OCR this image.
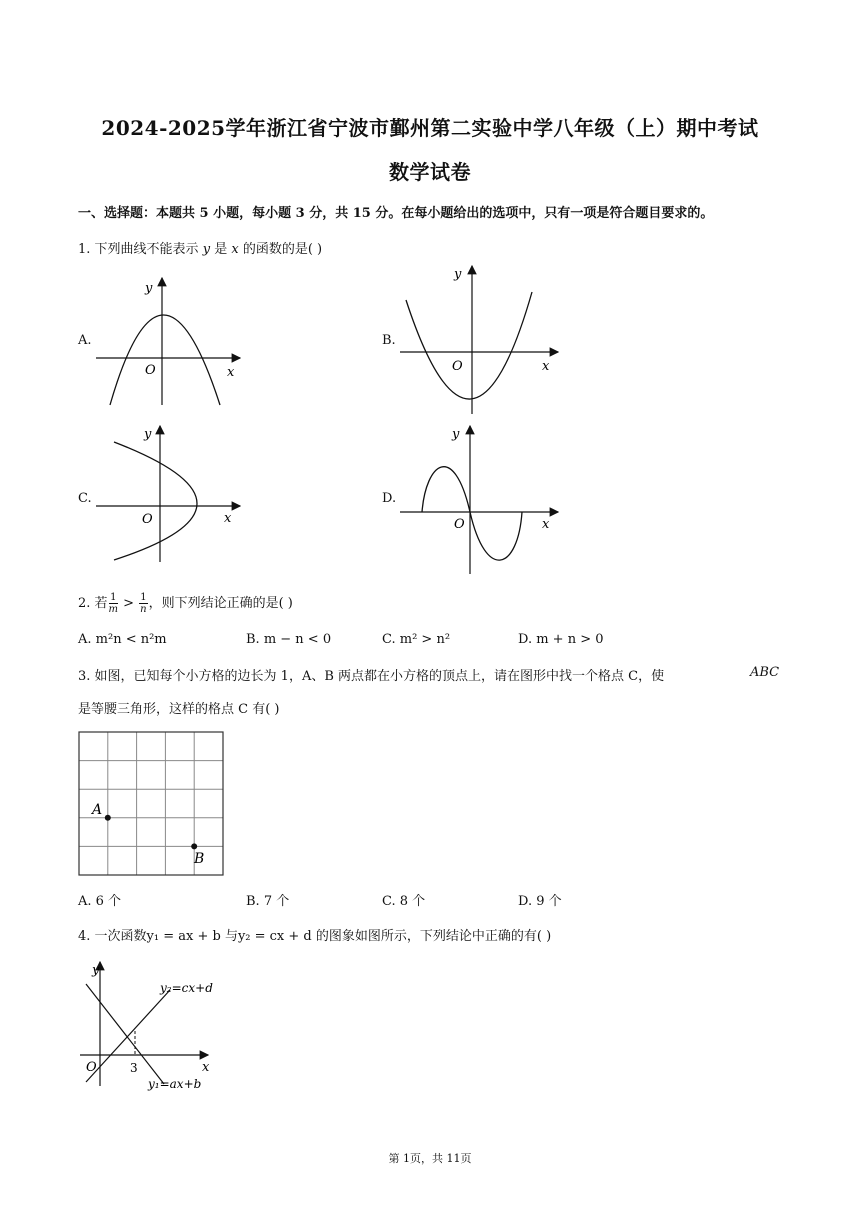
2024-2025学年浙江省宁波市鄞州第二实验中学八年级（上）期中考试
数学试卷
一、选择题：本题共 5 小题，每小题 3 分，共 15 分。在每小题给出的选项中，只有一项是符合题目要求的。
1. 下列曲线不能表示 y 是 x 的函数的是( )
A.	B.
C.	D.
y
O	x
y
O	x
y
O	x
y
O	x
2. 若 $\frac{1}{m} > \frac{1}{n}$ ，则下列结论正确的是( )
A. m²n < n²m	B. m − n < 0	C. m² > n²	D. m + n > 0
3. 如图，已知每个小方格的边长为 1，A、B 两点都在小方格的顶点上，请在图形中找一个格点 C，使	ABC
是等腰三角形，这样的格点 C 有( )
A
B
A. 6 个	B. 7 个	C. 8 个	D. 9 个
4. 一次函数y₁ = ax + b 与y₂ = cx + d 的图象如图所示，下列结论中正确的有( )
y
O	x
3
y₂=cx+d
y₁=ax+b
第 1页，共 11页
